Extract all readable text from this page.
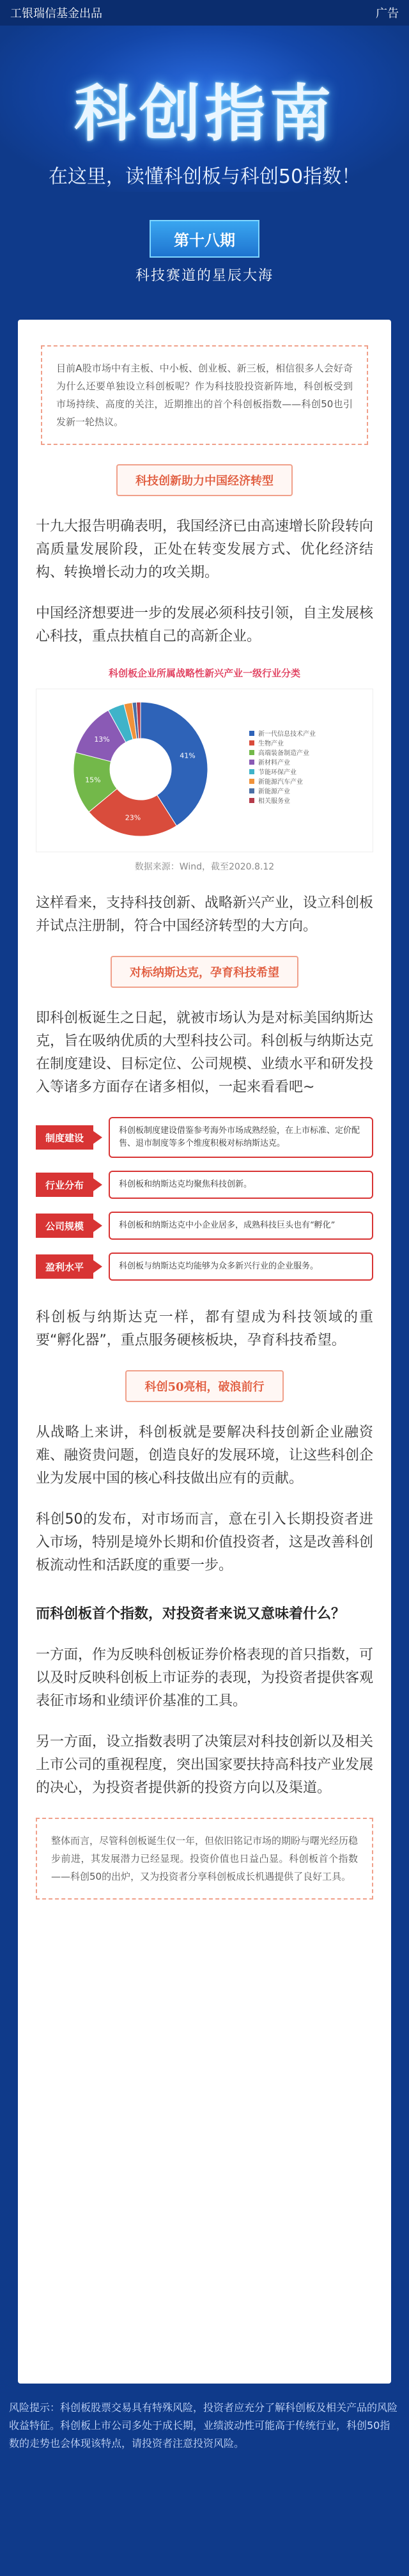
工银瑞信基金出品	广告
科创指南
在这里，读懂科创板与科创50指数！
第十八期
科技赛道的星辰大海
目前A股市场中有主板、中小板、创业板、新三板，相信很多人会好奇为什么还要单独设立科创板呢？作为科技股投资新阵地，科创板受到市场持续、高度的关注，近期推出的首个科创板指数——科创50也引发新一轮热议。
科技创新助力中国经济转型

十九大报告明确表明，我国经济已由高速增长阶段转向高质量发展阶段，正处在转变发展方式、优化经济结构、转换增长动力的攻关期。

中国经济想要进一步的发展必须科技引领，自主发展核心科技，重点扶植自己的高新企业。

科创板企业所属战略性新兴产业一级行业分类
41%
23%
15%
13%
新一代信息技术产业
生物产业
高端装备制造产业
新材料产业
节能环保产业
新能源汽车产业
新能源产业
相关服务业
数据来源：Wind，截至2020.8.12

这样看来，支持科技创新、战略新兴产业，设立科创板并试点注册制，符合中国经济转型的大方向。

对标纳斯达克，孕育科技希望

即科创板诞生之日起，就被市场认为是对标美国纳斯达克，旨在吸纳优质的大型科技公司。科创板与纳斯达克在制度建设、目标定位、公司规模、业绩水平和研发投入等诸多方面存在诸多相似，一起来看看吧~

制度建设
科创板制度建设借鉴参考海外市场成熟经验，在上市标准、定价配售、退市制度等多个维度积极对标纳斯达克。
行业分布	科创板和纳斯达克均聚焦科技创新。
公司规模	科创板和纳斯达克中小企业居多，成熟科技巨头也有“孵化”
盈利水平	科创板与纳斯达克均能够为众多新兴行业的企业服务。

科创板与纳斯达克一样，都有望成为科技领域的重要“孵化器”，重点服务硬核板块，孕育科技希望。

科创50亮相，破浪前行

从战略上来讲，科创板就是要解决科技创新企业融资难、融资贵问题，创造良好的发展环境，让这些科创企业为发展中国的核心科技做出应有的贡献。

科创50的发布，对市场而言，意在引入长期投资者进入市场，特别是境外长期和价值投资者，这是改善科创板流动性和活跃度的重要一步。

而科创板首个指数，对投资者来说又意味着什么？

一方面，作为反映科创板证券价格表现的首只指数，可以及时反映科创板上市证券的表现，为投资者提供客观表征市场和业绩评价基准的工具。

另一方面，设立指数表明了决策层对科技创新以及相关上市公司的重视程度，突出国家要扶持高科技产业发展的决心，为投资者提供新的投资方向以及渠道。

整体而言，尽管科创板诞生仅一年，但依旧铭记市场的期盼与曙光经历稳步前进，其发展潜力已经显现。投资价值也日益凸显。科创板首个指数——科创50的出炉，又为投资者分享科创板成长机遇提供了良好工具。
风险提示：科创板股票交易具有特殊风险，投资者应充分了解科创板及相关产品的风险收益特征。科创板上市公司多处于成长期，业绩波动性可能高于传统行业，科创50指数的走势也会体现该特点，请投资者注意投资风险。
